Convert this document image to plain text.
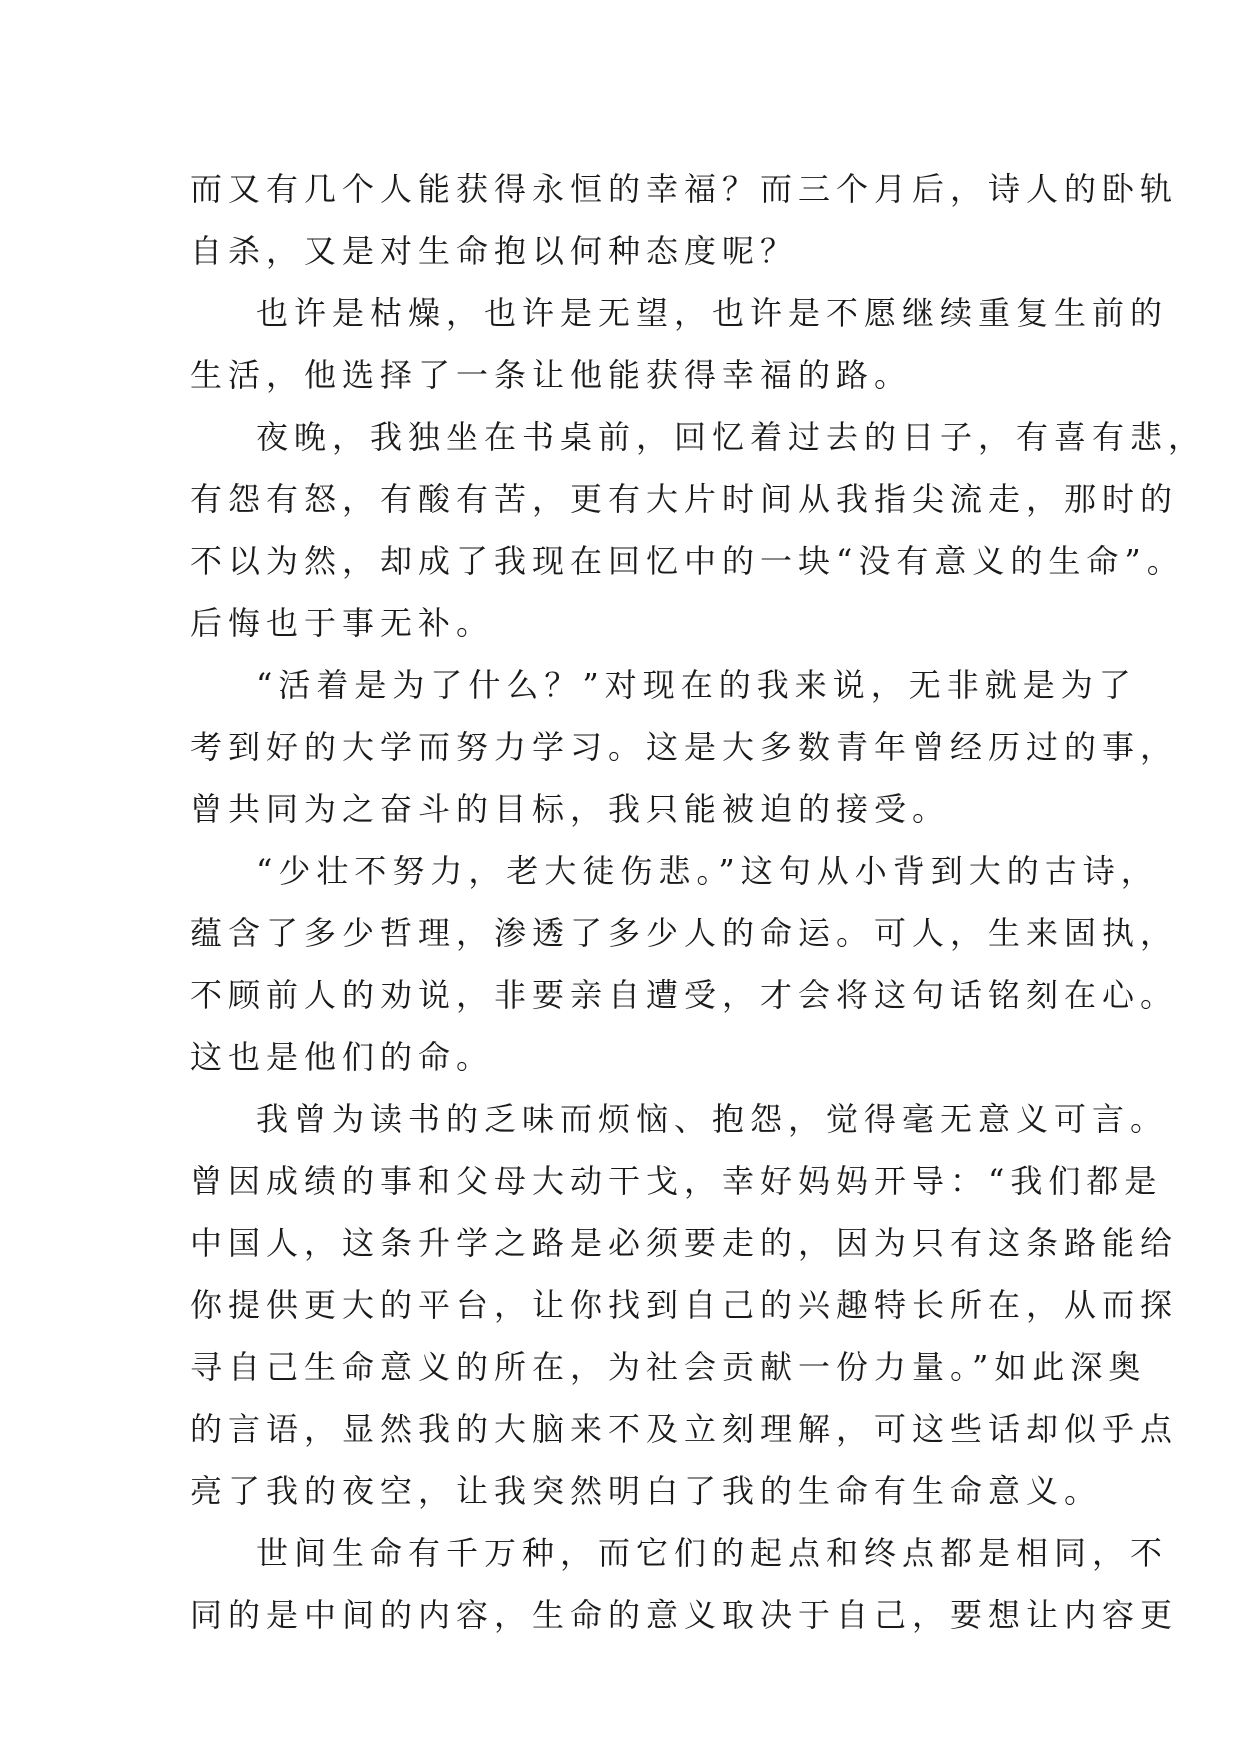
而又有几个人能获得永恒的幸福？而三个月后，诗人的卧轨
自杀，又是对生命抱以何种态度呢？
也许是枯燥，也许是无望，也许是不愿继续重复生前的
生活，他选择了一条让他能获得幸福的路。
夜晚，我独坐在书桌前，回忆着过去的日子，有喜有悲，
有怨有怒，有酸有苦，更有大片时间从我指尖流走，那时的
不以为然，却成了我现在回忆中的一块“没有意义的生命”。
后悔也于事无补。
“活着是为了什么？”对现在的我来说，无非就是为了
考到好的大学而努力学习。这是大多数青年曾经历过的事，
曾共同为之奋斗的目标，我只能被迫的接受。
“少壮不努力，老大徒伤悲。”这句从小背到大的古诗，
蕴含了多少哲理，渗透了多少人的命运。可人，生来固执，
不顾前人的劝说，非要亲自遭受，才会将这句话铭刻在心。
这也是他们的命。
我曾为读书的乏味而烦恼、抱怨，觉得毫无意义可言。
曾因成绩的事和父母大动干戈，幸好妈妈开导：“我们都是
中国人，这条升学之路是必须要走的，因为只有这条路能给
你提供更大的平台，让你找到自己的兴趣特长所在，从而探
寻自己生命意义的所在，为社会贡献一份力量。”如此深奥
的言语，显然我的大脑来不及立刻理解，可这些话却似乎点
亮了我的夜空，让我突然明白了我的生命有生命意义。
世间生命有千万种，而它们的起点和终点都是相同，不
同的是中间的内容，生命的意义取决于自己，要想让内容更
